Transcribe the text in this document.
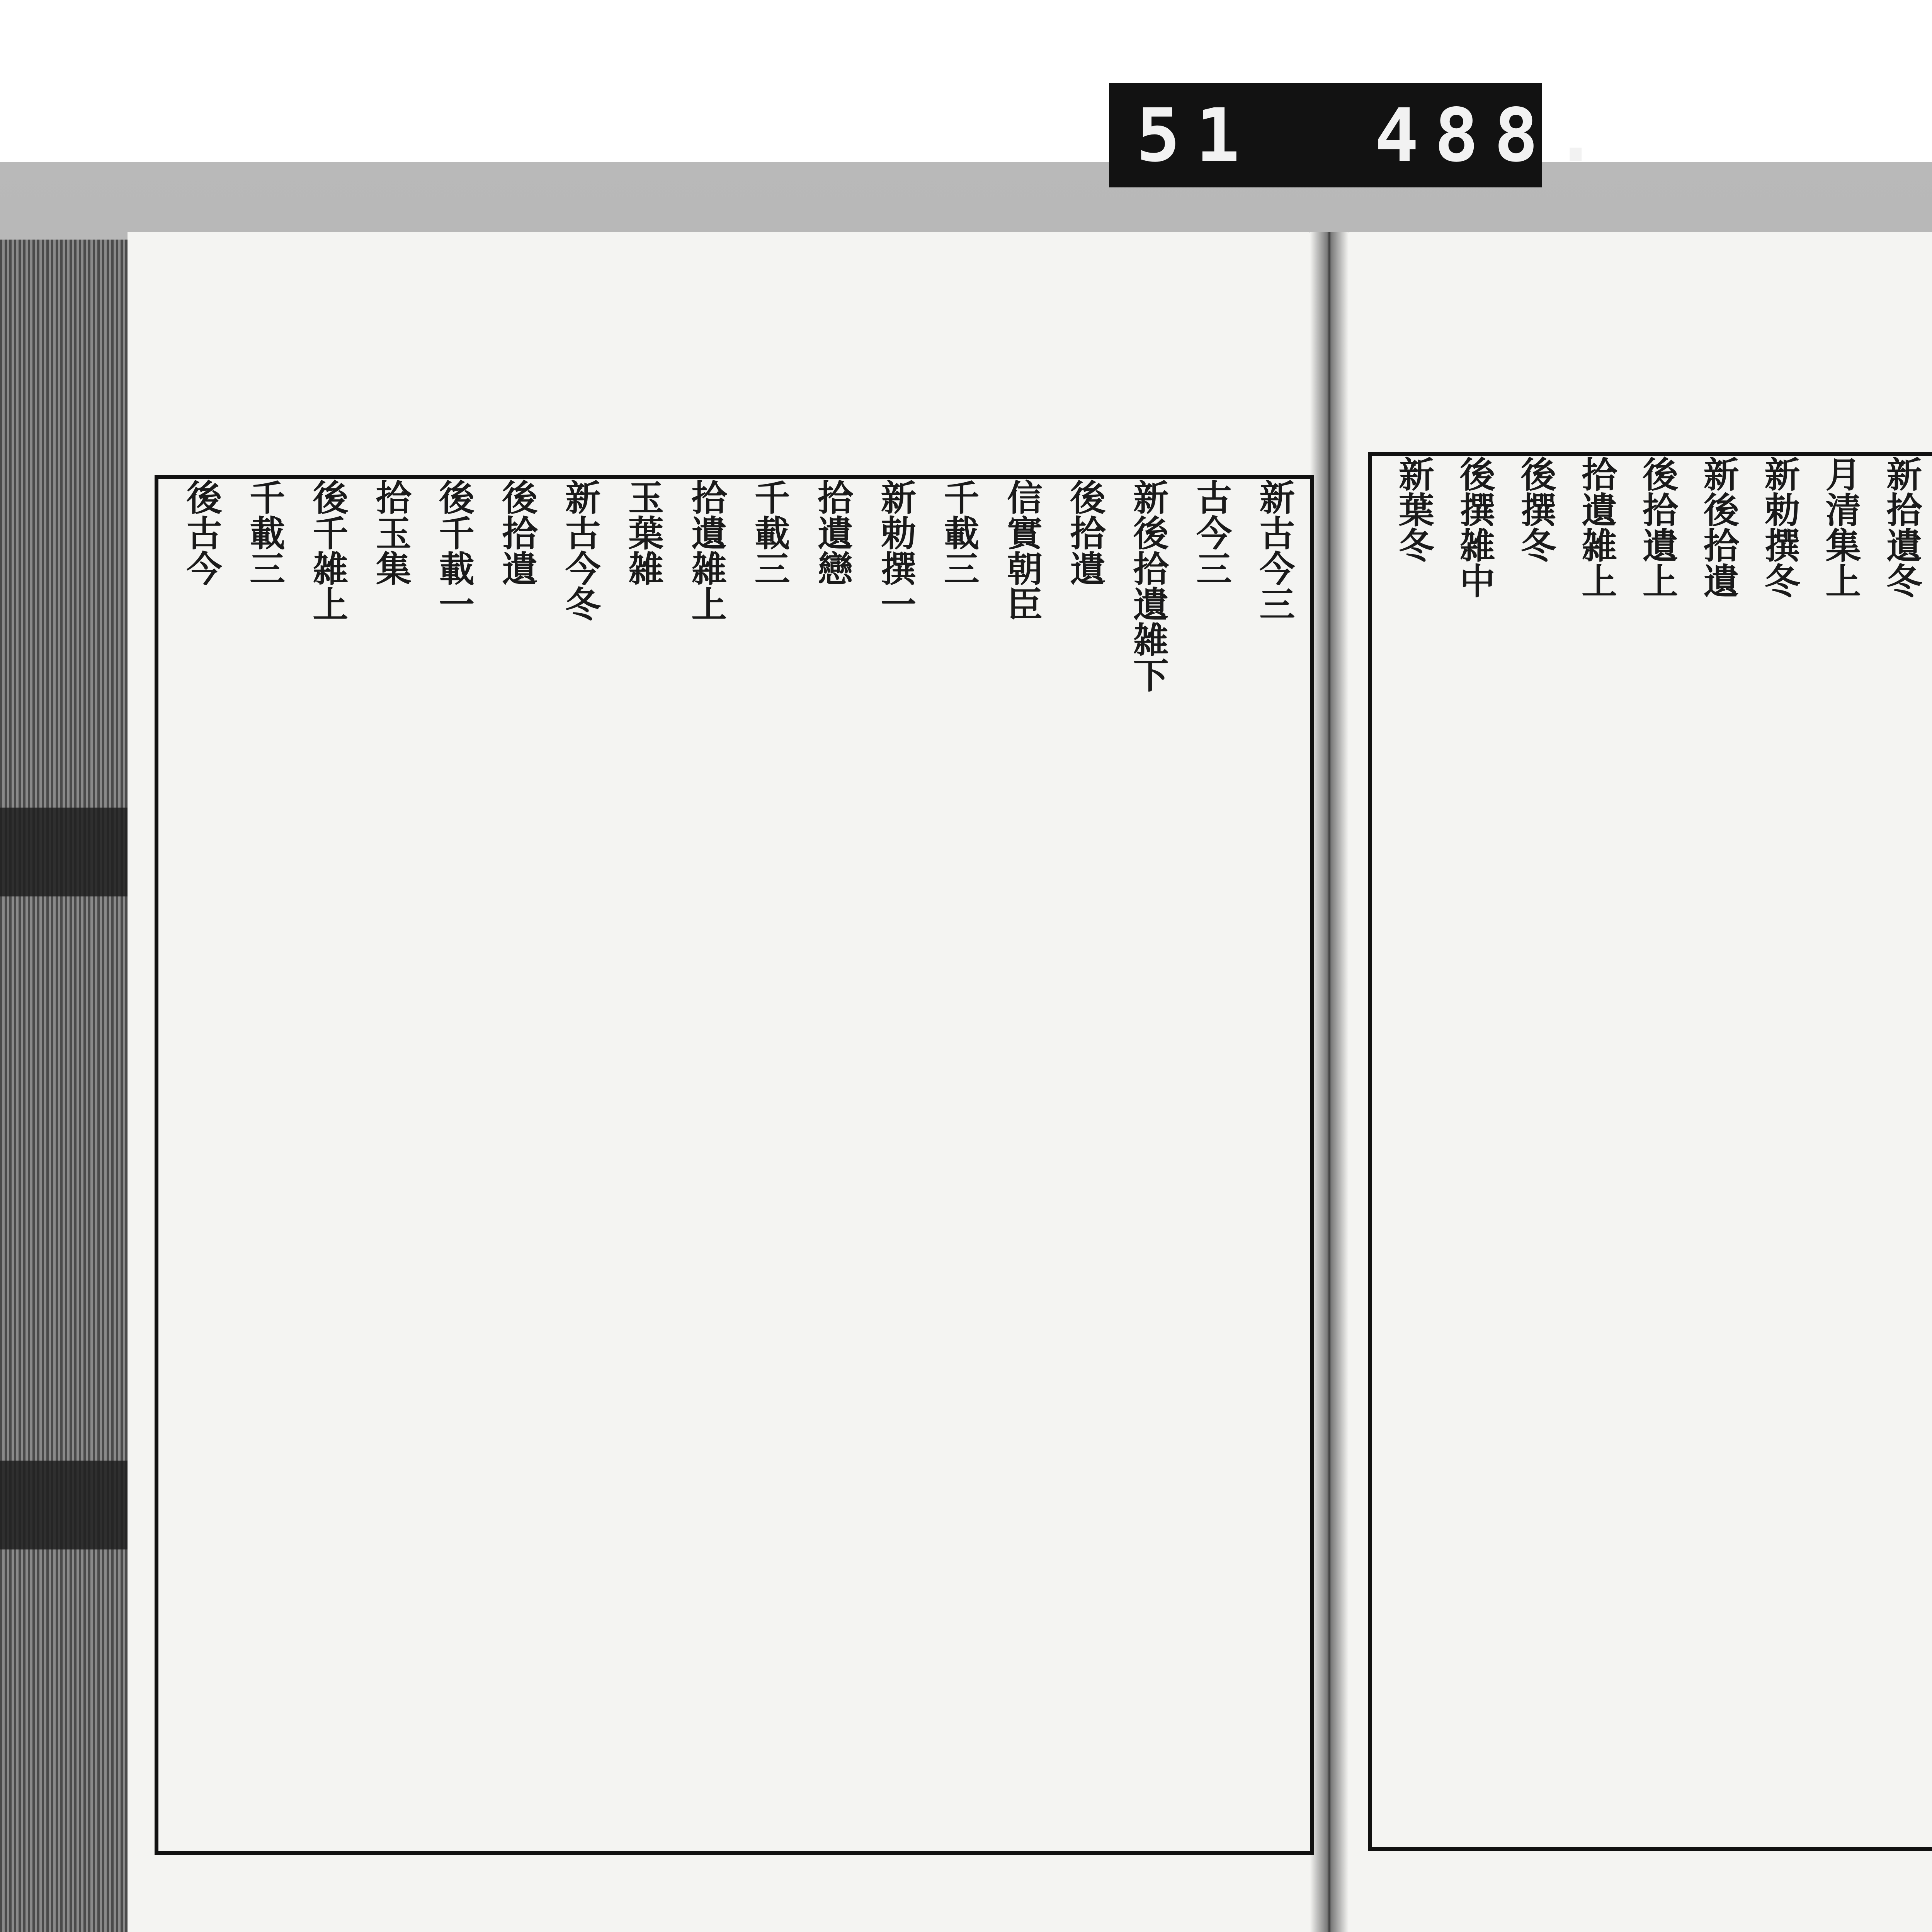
51  488.
新拾遺冬
月清集上
新勅撰冬
新後拾遺
後拾遺上
拾遺雑上
後撰冬
後撰雑中
新葉冬
新古今三
古今三
新後拾遺雑下
後拾遺
信實朝臣
千載三
新勅撰一
拾遺戀
千載三
拾遺雑上
玉葉雑
新古今冬
後拾遺
後千載一
拾玉集
後千雑上
千載三
後古今
